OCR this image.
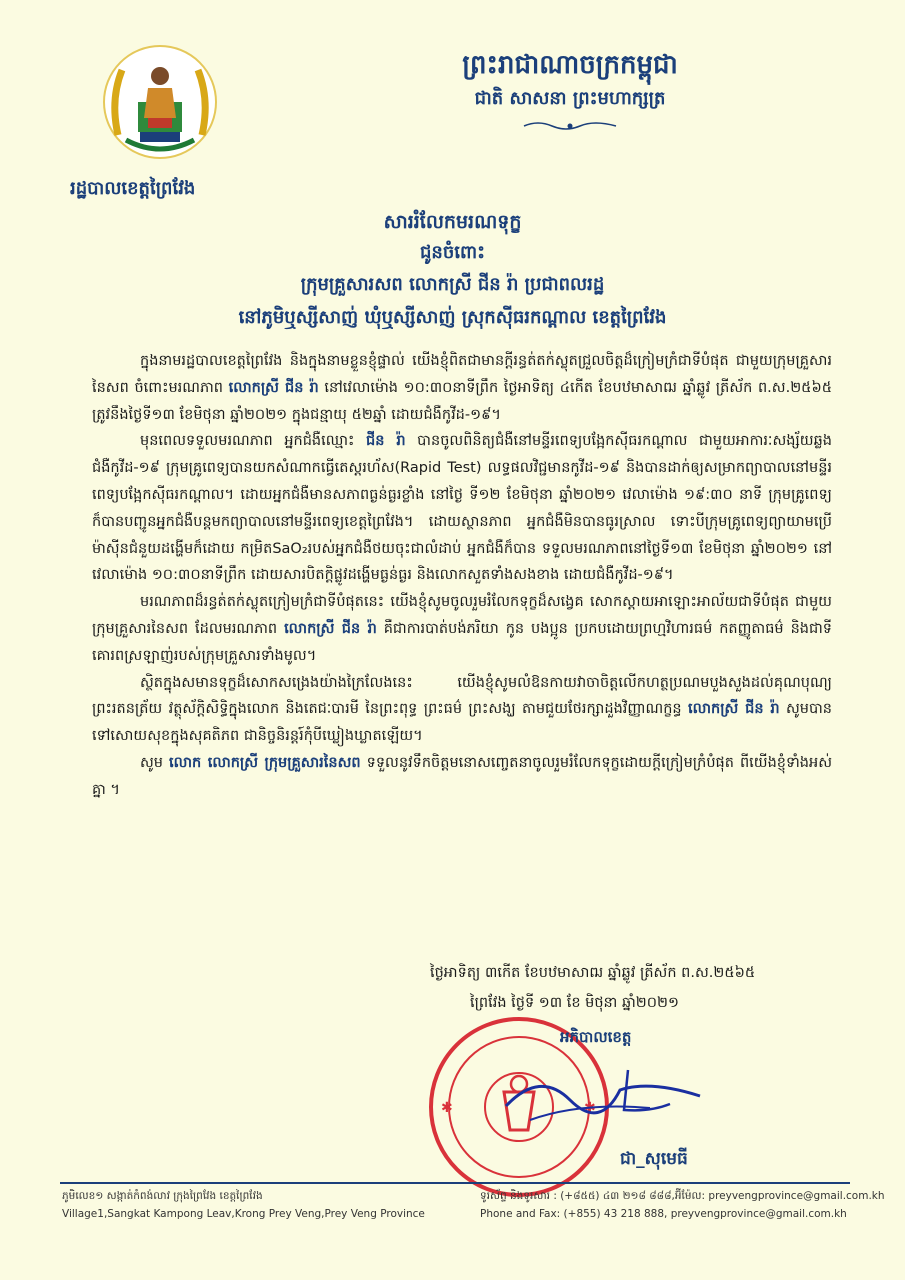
រដ្ឋបាលខេត្តព្រៃវែង
ព្រះរាជាណាចក្រកម្ពុជា
ជាតិ សាសនា ព្រះមហាក្សត្រ
សាររំលែកមរណទុក្ខ
ជូនចំពោះ
ក្រុមគ្រួសារសព លោកស្រី ជីន រ៉ា ប្រជាពលរដ្ឋ
នៅភូមិឬស្សីសាញ់ ឃុំឬស្សីសាញ់ ស្រុកស៊ីធរកណ្ដាល ខេត្តព្រៃវែង

ក្នុងនាមរដ្ឋបាលខេត្តព្រៃវែង និងក្នុងនាមខ្លួនខ្ញុំផ្ទាល់ យើងខ្ញុំពិតជាមានក្ដីរន្ធត់តក់ស្លុតជ្រួលចិត្តដ៏ក្រៀមក្រំជាទីបំផុត ជាមួយក្រុមគ្រួសារនៃសព ចំពោះមរណភាព លោកស្រី ជីន រ៉ា នៅវេលាម៉ោង ១០:៣០នាទីព្រឹក ថ្ងៃអាទិត្យ ៤កើត ខែបឋមាសាឍ ឆ្នាំឆ្លូវ ត្រីស័ក ព.ស.២៥៦៥ ត្រូវនឹងថ្ងៃទី១៣ ខែមិថុនា ឆ្នាំ២០២១ ក្នុងជន្មាយុ ៥២ឆ្នាំ ដោយជំងឺកូវីដ-១៩។

មុនពេលទទួលមរណភាព អ្នកជំងឺឈ្មោះ ជីន រ៉ា បានចូលពិនិត្យជំងឺនៅមន្ទីរពេទ្យបង្អែកស៊ីធរកណ្ដាល ជាមួយអាការៈសង្ស័យឆ្លងជំងឺកូវីដ-១៩ ក្រុមគ្រូពេទ្យបានយកសំណាកធ្វើតេស្តរហ័ស(Rapid Test) លទ្ធផលវិជ្ជមានកូវីដ-១៩ និងបានដាក់ឲ្យសម្រាកព្យាបាលនៅមន្ទីរពេទ្យបង្អែកស៊ីធរកណ្ដាល។ ដោយអ្នកជំងឺមានសភាពធ្ងន់ធ្ងរខ្លាំង នៅថ្ងៃ ទី១២ ខែមិថុនា ឆ្នាំ២០២១ វេលាម៉ោង ១៩:៣០ នាទី ក្រុមគ្រូពេទ្យក៏បានបញ្ជូនអ្នកជំងឺបន្តមកព្យាបាលនៅមន្ទីរពេទ្យខេត្តព្រៃវែង។ ដោយស្ថានភាព អ្នកជំងឺមិនបានធូរស្រាល ទោះបីក្រុមគ្រូពេទ្យព្យាយាមប្រើម៉ាស៊ីនជំនួយដង្ហើមក៏ដោយ កម្រិតSaO₂របស់អ្នកជំងឺថយចុះជាលំដាប់ អ្នកជំងឺក៏បាន ទទួលមរណភាពនៅថ្ងៃទី១៣ ខែមិថុនា ឆ្នាំ២០២១ នៅវេលាម៉ោង ១០:៣០នាទីព្រឹក ដោយសារបិតក្តិផ្លូវដង្ហើមធ្ងន់ធ្ងរ និងលោកសួតទាំងសងខាង ដោយជំងឺកូវីដ-១៩។

មរណភាពដ៏រន្ធត់តក់ស្លុតក្រៀមក្រំជាទីបំផុតនេះ យើងខ្ញុំសូមចូលរួមរំលែកទុក្ខដ៏សង្វេគ សោកស្ដាយអាឡោះអាល័យជាទីបំផុត ជាមួយក្រុមគ្រួសារនៃសព ដែលមរណភាព លោកស្រី ជីន រ៉ា គឺជាការបាត់បង់ភរិយា កូន បងប្អូន ប្រកបដោយព្រហ្មវិហារធម៌ កតញ្ញូតាធម៌ និងជាទីគោរពស្រឡាញ់របស់ក្រុមគ្រួសារទាំងមូល។

ស្ថិតក្នុងសមានទុក្ខដ៏សោកសង្រេងយ៉ាងក្រៃលែងនេះ យើងខ្ញុំសូមលំឱនកាយវាចាចិត្តលើកហត្ថប្រណមបួងសួងដល់គុណបុណ្យព្រះរតនត្រ័យ វត្ថុស័ក្តិសិទ្ធិក្នុងលោក និងតេជៈបារមី នៃព្រះពុទ្ធ ព្រះធម៌ ព្រះសង្ឃ តាមជួយថែរក្សាដួងវិញ្ញាណក្ខន្ធ លោកស្រី ជីន រ៉ា សូមបានទៅសោយសុខក្នុងសុគតិភព ជានិច្ចនិរន្តរ៍កុំបីឃ្លៀងឃ្លាតឡើយ។

សូម លោក លោកស្រី ក្រុមគ្រួសារនៃសព ទទួលនូវទឹកចិត្តមនោសញ្ចេតនាចូលរួមរំលែកទុក្ខដោយក្ដីក្រៀមក្រំបំផុត ពីយើងខ្ញុំទាំងអស់គ្នា ។

ថ្ងៃអាទិត្យ ៣កើត ខែបឋមាសាឍ ឆ្នាំឆ្លូវ ត្រីស័ក ព.ស.២៥៦៥
ព្រៃវែង ថ្ងៃទី ១៣ ខែ មិថុនា ឆ្នាំ២០២១
✱	✱
អភិបាលខេត្ត
ជា_សុមេធី
ភូមិលេខ១ សង្កាត់កំពង់លាវ ក្រុងព្រៃវែង ខេត្តព្រៃវែង
Village1,Sangkat Kampong Leav,Krong Prey Veng,Prey Veng Province
ទូរស័ព្ទ និងទូរសារ : (+៨៥៥) ៤៣ ២១៨ ៨៨៨,អ៊ីម៉ែល: preyvengprovince@gmail.com.kh
Phone and Fax: (+855) 43 218 888, preyvengprovince@gmail.com.kh
